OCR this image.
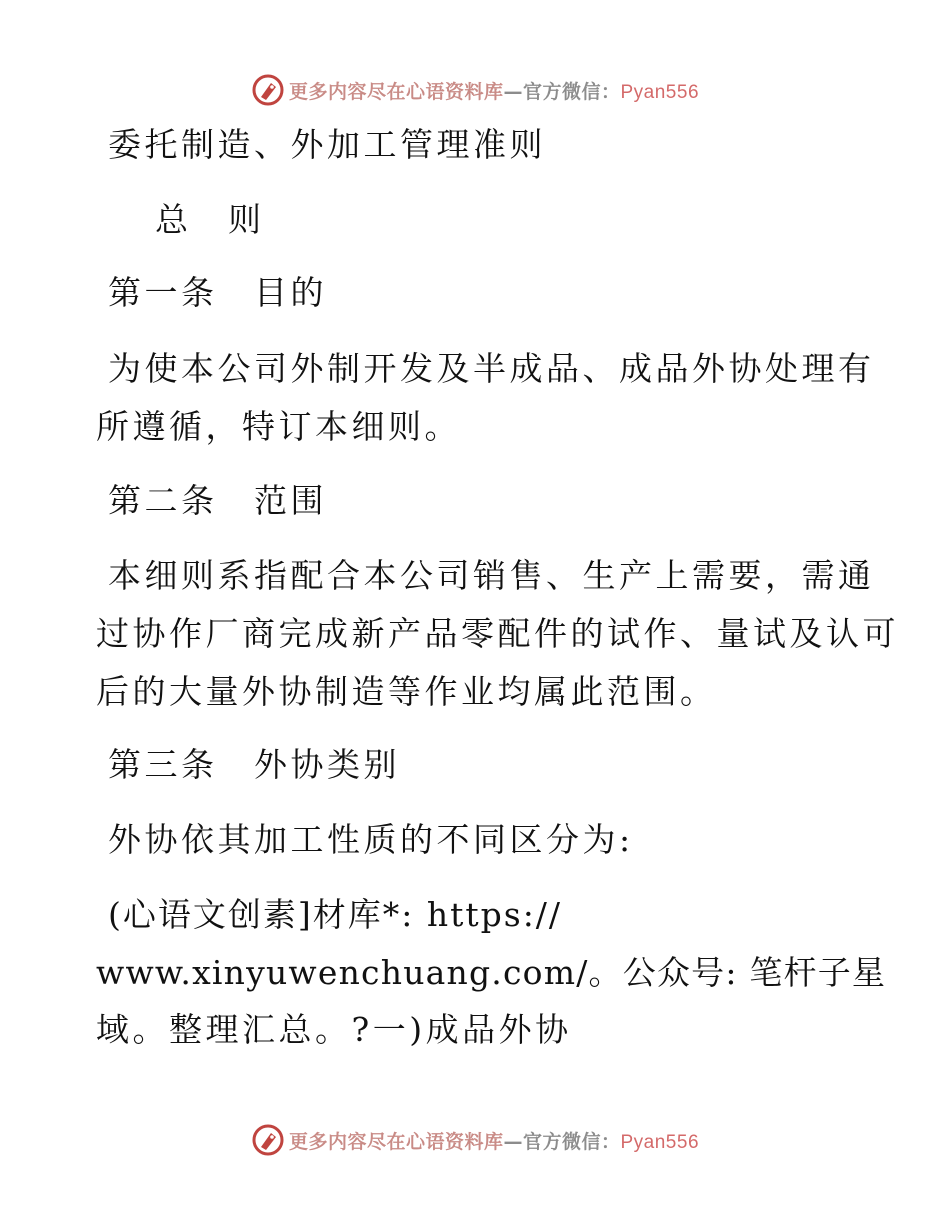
更多内容尽在心语资料库—官方微信：Pyan556
委托制造、外加工管理准则
总　则
第一条　目的
为使本公司外制开发及半成品、成品外协处理有
所遵循，特订本细则。
第二条　范围
本细则系指配合本公司销售、生产上需要，需通
过协作厂商完成新产品零配件的试作、量试及认可
后的大量外协制造等作业均属此范围。
第三条　外协类别
外协依其加工性质的不同区分为:
(心语文创素]材库*: https://
www.xinyuwenchuang.com/。公众号: 笔杆子星
域。整理汇总。?一)成品外协
更多内容尽在心语资料库—官方微信：Pyan556
